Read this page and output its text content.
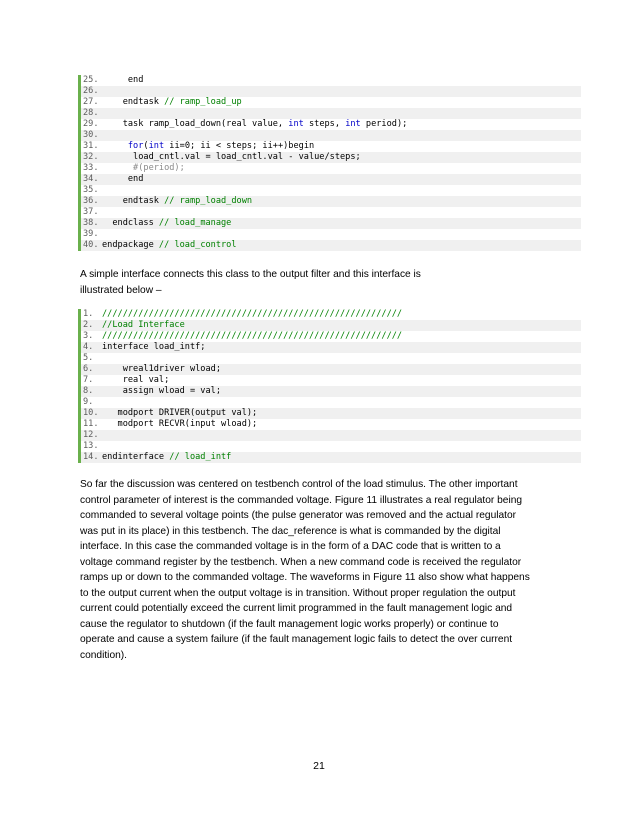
25.     end
26.
27.    endtask // ramp_load_up
28.
29.    task ramp_load_down(real value, int steps, int period);
30.
31.	for(int ii=0; ii < steps; ii++)begin
32.      load_cntl.val = load_cntl.val - value/steps;
33.      #(period);
34.     end
35.
36.    endtask // ramp_load_down
37.
38.  endclass // load_manage
39.
40. endpackage // load_control

A simple interface connects this class to the output filter and this interface is
illustrated below –

1. //////////////////////////////////////////////////////////
2. //Load Interface
3. //////////////////////////////////////////////////////////
4. interface load_intf;
5.
6.    wreal1driver wload;
7.    real val;
8.    assign wload = val;
9.
10.   modport DRIVER(output val);
11.   modport RECVR(input wload);
12.
13.
14. endinterface // load_intf

So far the discussion was centered on testbench control of the load stimulus. The other important
control parameter of interest is the commanded voltage. Figure 11 illustrates a real regulator being
commanded to several voltage points (the pulse generator was removed and the actual regulator
was put in its place) in this testbench. The dac_reference is what is commanded by the digital
interface. In this case the commanded voltage is in the form of a DAC code that is written to a
voltage command register by the testbench. When a new command code is received the regulator
ramps up or down to the commanded voltage. The waveforms in Figure 11 also show what happens
to the output current when the output voltage is in transition. Without proper regulation the output
current could potentially exceed the current limit programmed in the fault management logic and
cause the regulator to shutdown (if the fault management logic works properly) or continue to
operate and cause a system failure (if the fault management logic fails to detect the over current
condition).

21
